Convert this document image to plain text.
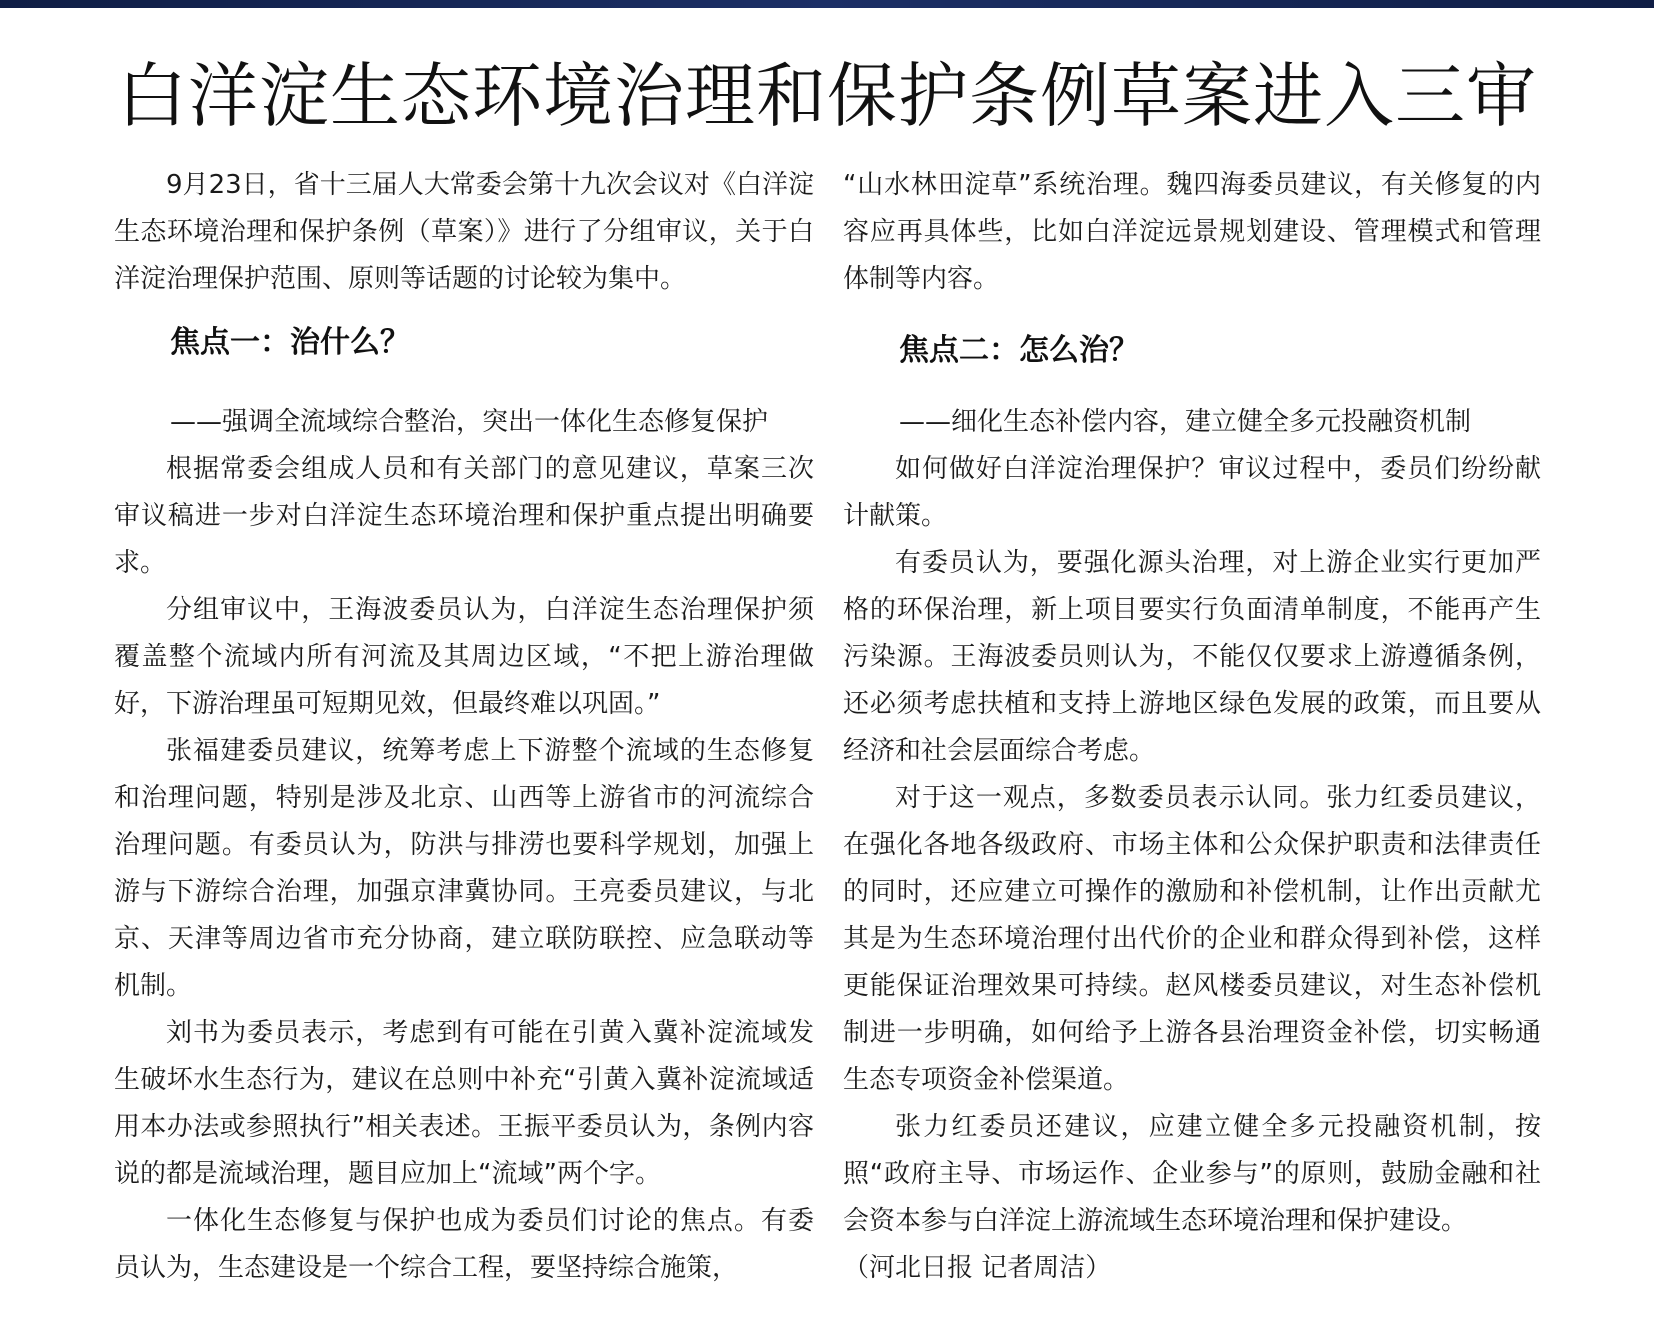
白洋淀生态环境治理和保护条例草案进入三审

9月23日，省十三届人大常委会第十九次会议对《白洋淀生态环境治理和保护条例（草案）》进行了分组审议，关于白洋淀治理保护范围、原则等话题的讨论较为集中。

焦点一：治什么？

——强调全流域综合整治，突出一体化生态修复保护

根据常委会组成人员和有关部门的意见建议，草案三次审议稿进一步对白洋淀生态环境治理和保护重点提出明确要求。

分组审议中，王海波委员认为，白洋淀生态治理保护须覆盖整个流域内所有河流及其周边区域，“不把上游治理做好，下游治理虽可短期见效，但最终难以巩固。”

张福建委员建议，统筹考虑上下游整个流域的生态修复和治理问题，特别是涉及北京、山西等上游省市的河流综合治理问题。有委员认为，防洪与排涝也要科学规划，加强上游与下游综合治理，加强京津冀协同。王亮委员建议，与北京、天津等周边省市充分协商，建立联防联控、应急联动等机制。

刘书为委员表示，考虑到有可能在引黄入冀补淀流域发生破坏水生态行为，建议在总则中补充“引黄入冀补淀流域适用本办法或参照执行”相关表述。王振平委员认为，条例内容说的都是流域治理，题目应加上“流域”两个字。

一体化生态修复与保护也成为委员们讨论的焦点。有委员认为，生态建设是一个综合工程，要坚持综合施策，

“山水林田淀草”系统治理。魏四海委员建议，有关修复的内容应再具体些，比如白洋淀远景规划建设、管理模式和管理体制等内容。

焦点二：怎么治？

——细化生态补偿内容，建立健全多元投融资机制

如何做好白洋淀治理保护？审议过程中，委员们纷纷献计献策。

有委员认为，要强化源头治理，对上游企业实行更加严格的环保治理，新上项目要实行负面清单制度，不能再产生污染源。王海波委员则认为，不能仅仅要求上游遵循条例，还必须考虑扶植和支持上游地区绿色发展的政策，而且要从经济和社会层面综合考虑。

对于这一观点，多数委员表示认同。张力红委员建议，在强化各地各级政府、市场主体和公众保护职责和法律责任的同时，还应建立可操作的激励和补偿机制，让作出贡献尤其是为生态环境治理付出代价的企业和群众得到补偿，这样更能保证治理效果可持续。赵风楼委员建议，对生态补偿机制进一步明确，如何给予上游各县治理资金补偿，切实畅通生态专项资金补偿渠道。

张力红委员还建议，应建立健全多元投融资机制，按照“政府主导、市场运作、企业参与”的原则，鼓励金融和社会资本参与白洋淀上游流域生态环境治理和保护建设。

（河北日报 记者周洁）
